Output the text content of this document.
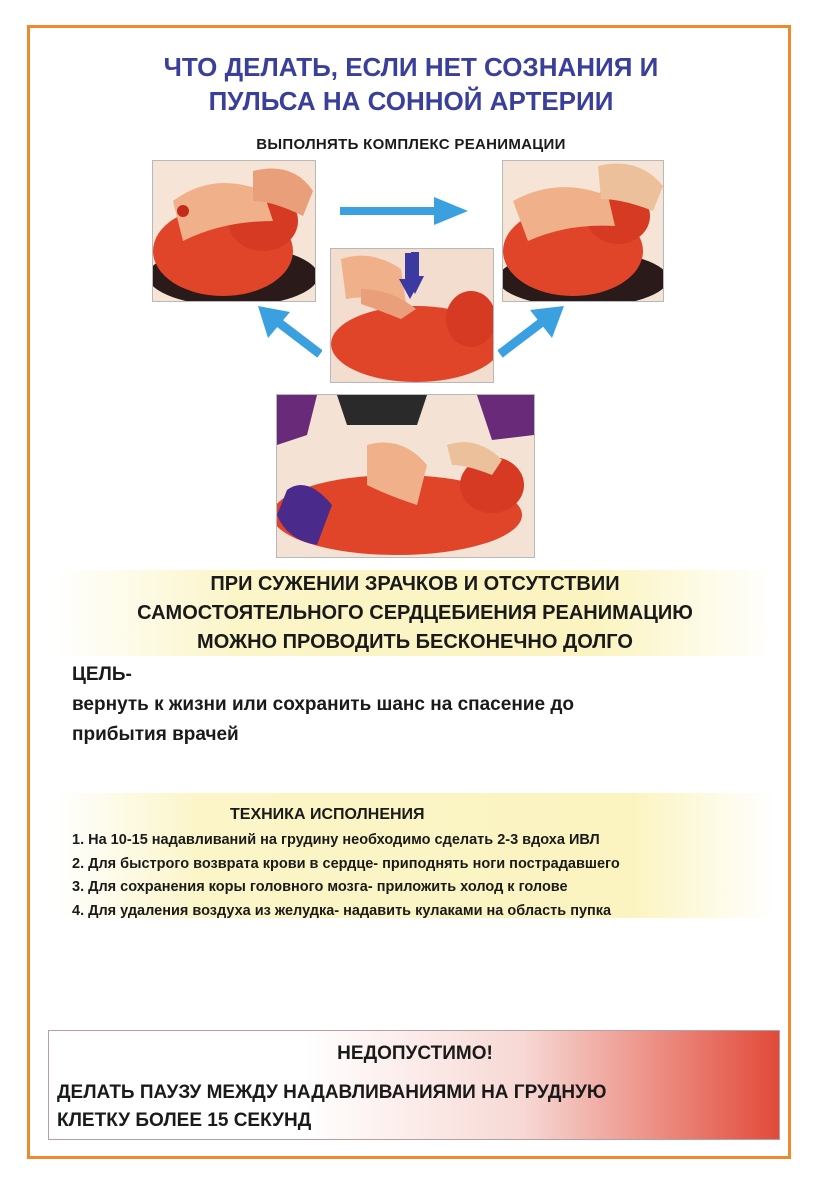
ЧТО ДЕЛАТЬ, ЕСЛИ НЕТ СОЗНАНИЯ И
ПУЛЬСА НА СОННОЙ АРТЕРИИ
ВЫПОЛНЯТЬ КОМПЛЕКС РЕАНИМАЦИИ

ПРИ СУЖЕНИИ ЗРАЧКОВ И ОТСУТСТВИИ

САМОСТОЯТЕЛЬНОГО СЕРДЦЕБИЕНИЯ РЕАНИМАЦИЮ

МОЖНО ПРОВОДИТЬ БЕСКОНЕЧНО ДОЛГО

ЦЕЛЬ-
вернуть к жизни или сохранить шанс на спасение до
прибытия врачей
ТЕХНИКА ИСПОЛНЕНИЯ
1. На 10-15 надавливаний на грудину необходимо сделать 2-3 вдоха ИВЛ
2. Для быстрого возврата крови в сердце- приподнять ноги пострадавшего
3. Для сохранения коры головного мозга- приложить холод к голове
4. Для удаления воздуха из желудка- надавить кулаками на область пупка
НЕДОПУСТИМО!
ДЕЛАТЬ ПАУЗУ МЕЖДУ НАДАВЛИВАНИЯМИ НА ГРУДНУЮ
КЛЕТКУ БОЛЕЕ 15 СЕКУНД
